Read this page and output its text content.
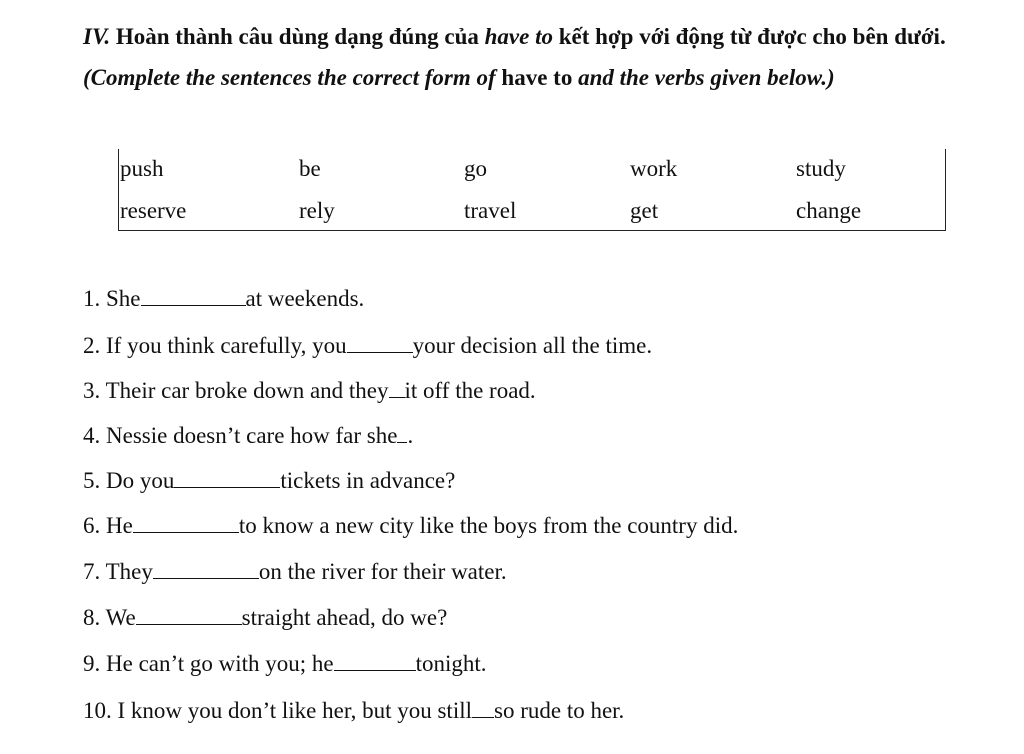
IV. Hoàn thành câu dùng dạng đúng của have to kết hợp với động từ được cho bên dưới. (Complete the sentences the correct form of have to and the verbs given below.)
push	be	go	work	study
reserve	rely	travel	get	change
1. She	at weekends.
2. If you think carefully, you	your decision all the time.
3. Their car broke down and they it off the road.
4. Nessie doesn’t care how far she .
5. Do you	tickets in advance?
6. He	to know a new city like the boys from the country did.
7. They	on the river for their water.
8. We	straight ahead, do we?
9. He can’t go with you; he	tonight.
10. I know you don’t like her, but you still so rude to her.
